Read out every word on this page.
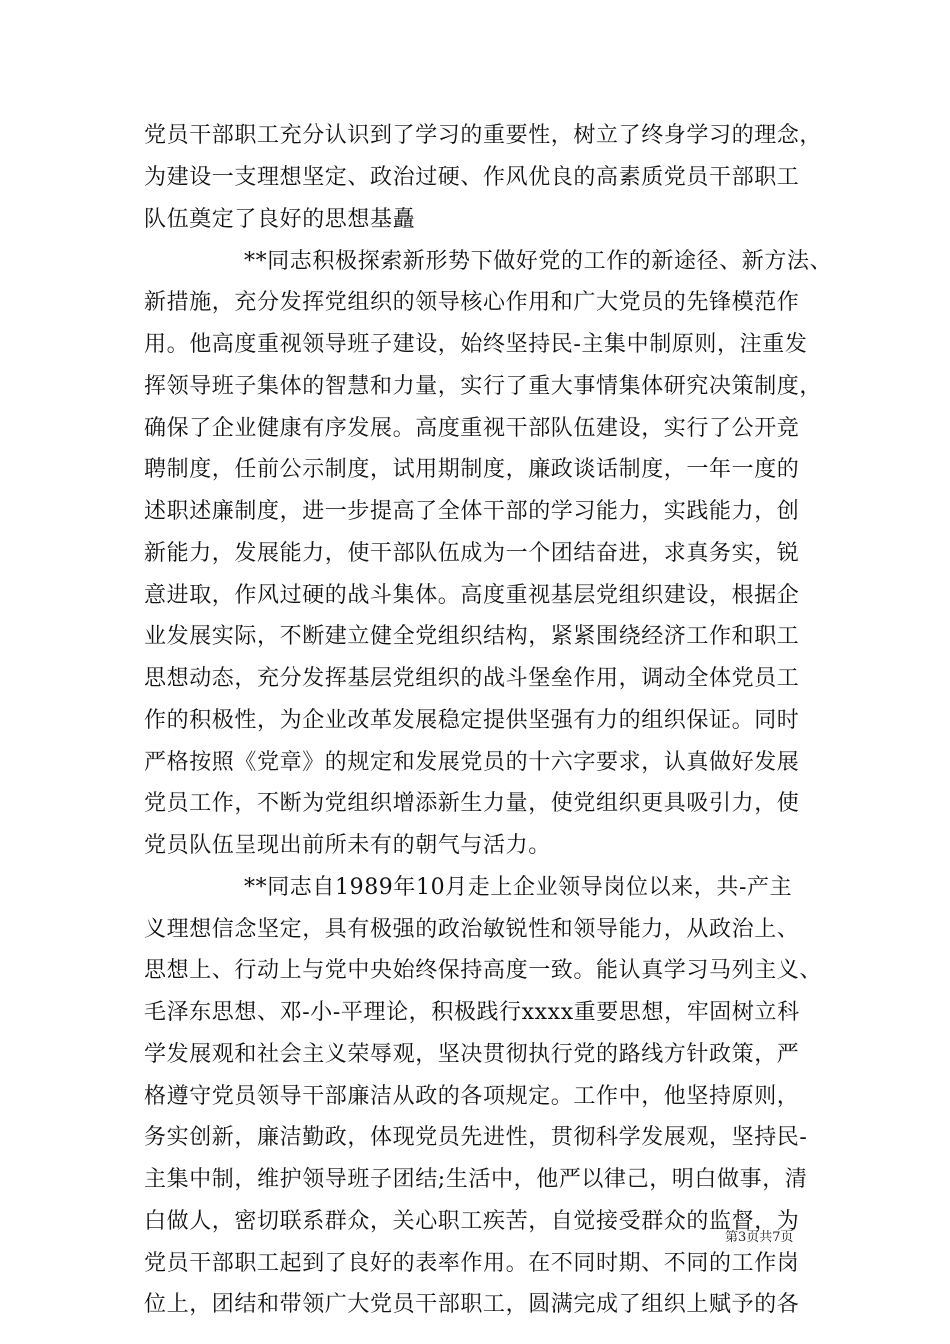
党员干部职工充分认识到了学习的重要性，树立了终身学习的理念，
为建设一支理想坚定、政治过硬、作风优良的高素质党员干部职工
队伍奠定了良好的思想基矗
**同志积极探索新形势下做好党的工作的新途径、新方法、
新措施，充分发挥党组织的领导核心作用和广大党员的先锋模范作
用。他高度重视领导班子建设，始终坚持民-主集中制原则，注重发
挥领导班子集体的智慧和力量，实行了重大事情集体研究决策制度，
确保了企业健康有序发展。高度重视干部队伍建设，实行了公开竞
聘制度，任前公示制度，试用期制度，廉政谈话制度，一年一度的
述职述廉制度，进一步提高了全体干部的学习能力，实践能力，创
新能力，发展能力，使干部队伍成为一个团结奋进，求真务实，锐
意进取，作风过硬的战斗集体。高度重视基层党组织建设，根据企
业发展实际，不断建立健全党组织结构，紧紧围绕经济工作和职工
思想动态，充分发挥基层党组织的战斗堡垒作用，调动全体党员工
作的积极性，为企业改革发展稳定提供坚强有力的组织保证。同时
严格按照《党章》的规定和发展党员的十六字要求，认真做好发展
党员工作，不断为党组织增添新生力量，使党组织更具吸引力，使
党员队伍呈现出前所未有的朝气与活力。
**同志自1989年10月走上企业领导岗位以来，共-产主
义理想信念坚定，具有极强的政治敏锐性和领导能力，从政治上、
思想上、行动上与党中央始终保持高度一致。能认真学习马列主义、
毛泽东思想、邓-小-平理论，积极践行xxxx重要思想，牢固树立科
学发展观和社会主义荣辱观，坚决贯彻执行党的路线方针政策，严
格遵守党员领导干部廉洁从政的各项规定。工作中，他坚持原则，
务实创新，廉洁勤政，体现党员先进性，贯彻科学发展观，坚持民-
主集中制，维护领导班子团结;生活中，他严以律己，明白做事，清
白做人，密切联系群众，关心职工疾苦，自觉接受群众的监督，为
党员干部职工起到了良好的表率作用。在不同时期、不同的工作岗
位上，团结和带领广大党员干部职工，圆满完成了组织上赋予的各
第3页共7页
